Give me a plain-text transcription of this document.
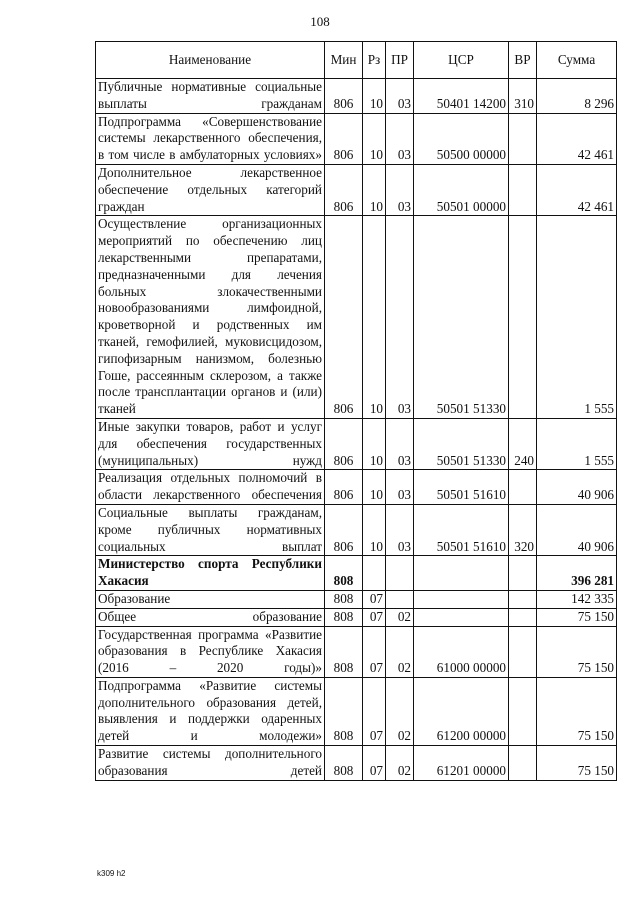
108
Наименование	Мин	Рз	ПР	ЦСР	ВР	Сумма
Публичные нормативные социальные выплаты гражданам	806	10	03	50401 14200	310	8 296
Подпрограмма «Совершенствование системы лекарственного обеспечения, в том числе в амбулаторных условиях»	806	10	03	50500 00000		42 461
Дополнительное лекарственное обеспечение отдельных категорий граждан	806	10	03	50501 00000		42 461
Осуществление организационных мероприятий по обеспечению лиц лекарственными препаратами, предназначенными для лечения больных злокачественными новообразованиями лимфоидной, кроветворной и родственных им тканей, гемофилией, муковисцидозом, гипофизарным нанизмом, болезнью Гоше, рассеянным склерозом, а также после трансплантации органов и (или) тканей	806	10	03	50501 51330		1 555
Иные закупки товаров, работ и услуг для обеспечения государственных (муниципальных) нужд	806	10	03	50501 51330	240	1 555
Реализация отдельных полномочий в области лекарственного обеспечения	806	10	03	50501 51610		40 906
Социальные выплаты гражданам, кроме публичных нормативных социальных выплат	806	10	03	50501 51610	320	40 906
Министерство спорта Республики Хакасия	808					396 281
Образование	808	07				142 335
Общее образование	808	07	02			75 150
Государственная программа «Развитие образования в Республике Хакасия (2016 – 2020 годы)»	808	07	02	61000 00000		75 150
Подпрограмма «Развитие системы дополнительного образования детей, выявления и поддержки одаренных детей и молодежи»	808	07	02	61200 00000		75 150
Развитие системы дополнительного образования детей	808	07	02	61201 00000		75 150
k309 h2
